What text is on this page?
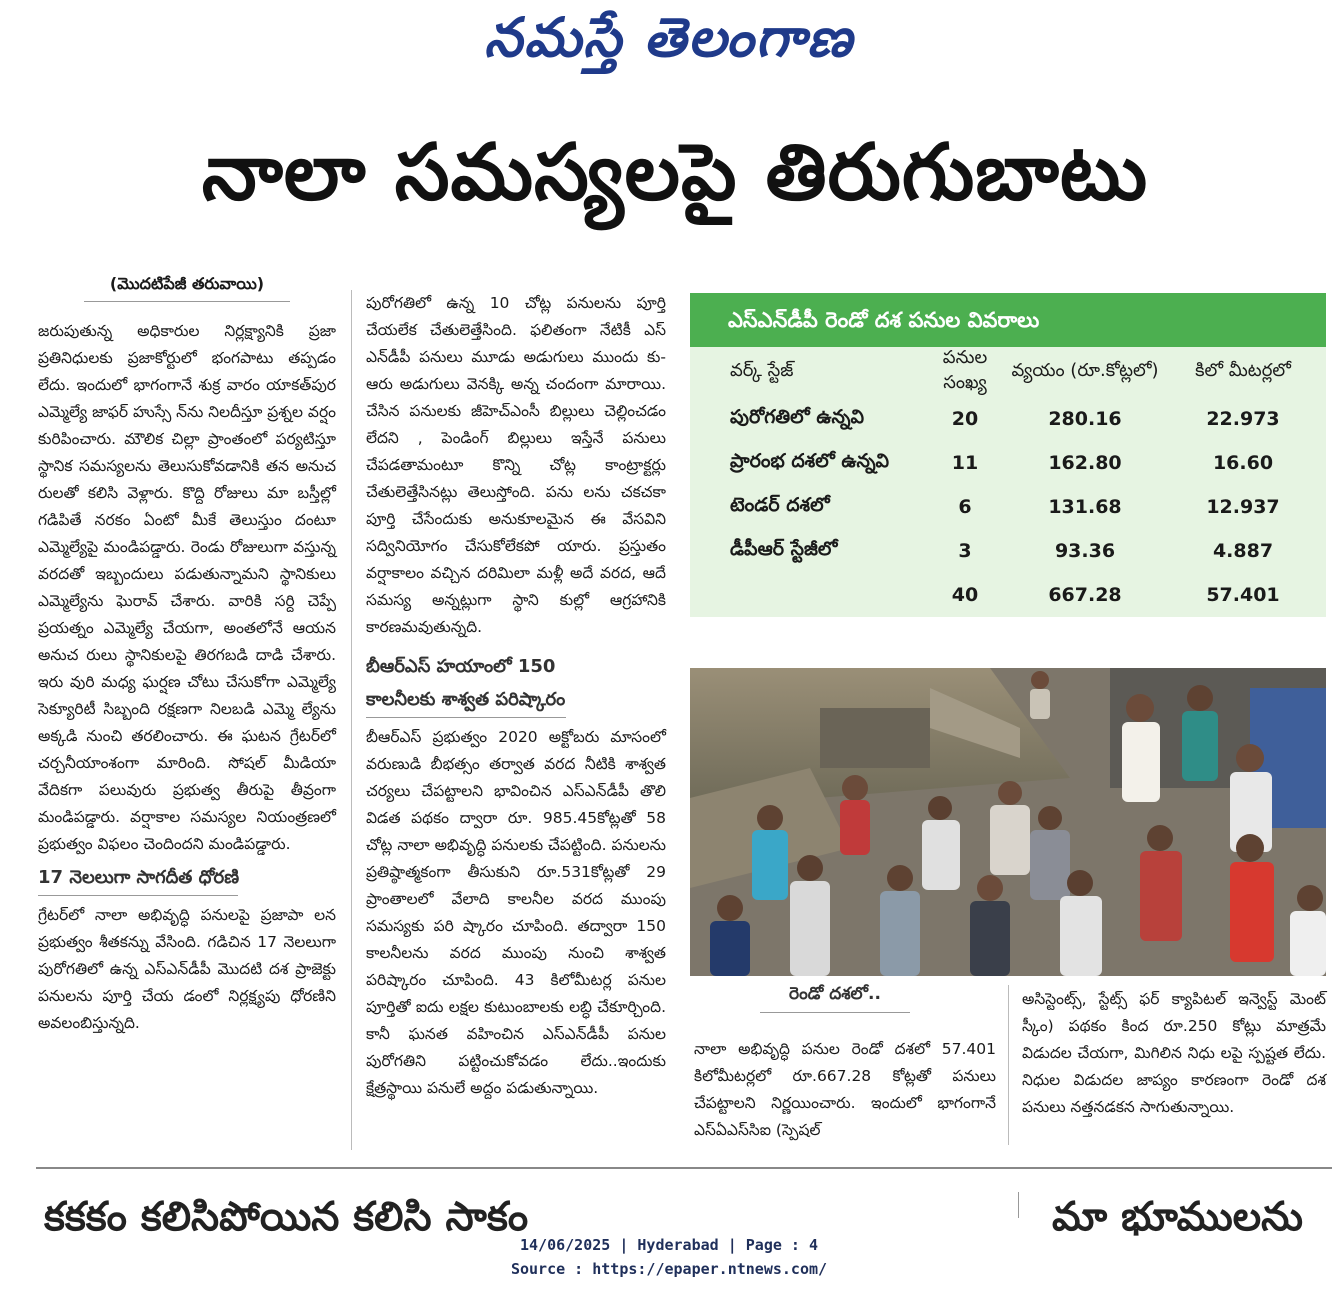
నమస్తే తెలంగాణ
నాలా సమస్యలపై తిరుగుబాటు
(మొదటిపేజీ తరువాయి)

జరుపుతున్న అధికారుల నిర్లక్ష్యానికి ప్రజా ప్రతినిధులకు ప్రజాకోర్టులో భంగపాటు తప్పడం లేదు. ఇందులో భాగంగానే శుక్ర వారం యాకత్‌పుర ఎమ్మెల్యే జాఫర్ హుస్సే న్‌ను నిలదీస్తూ ప్రశ్నల వర్షం కురిపించారు. మౌలిక చిల్లా ప్రాంతంలో పర్యటిస్తూ స్థానిక సమస్యలను తెలుసుకోవడానికి తన అనుచ రులతో కలిసి వెళ్లారు. కొద్ది రోజులు మా బస్తీల్లో గడిపితే నరకం ఏంటో మీకే తెలుస్తుం దంటూ ఎమ్మెల్యేపై మండిపడ్డారు. రెండు రోజులుగా వస్తున్న వరదతో ఇబ్బందులు పడుతున్నామని స్థానికులు ఎమ్మెల్యేను ఘెరావ్ చేశారు. వారికి సర్ది చెప్పే ప్రయత్నం ఎమ్మెల్యే చేయగా, అంతలోనే ఆయన అనుచ రులు స్థానికులపై తిరగబడి దాడి చేశారు. ఇరు వురి మధ్య ఘర్షణ చోటు చేసుకోగా ఎమ్మెల్యే సెక్యూరిటీ సిబ్బంది రక్షణగా నిలబడి ఎమ్మె ల్యేను అక్కడి నుంచి తరలించారు. ఈ ఘటన గ్రేటర్‌లో చర్చనీయాంశంగా మారింది. సోషల్ మీడియా వేదికగా పలువురు ప్రభుత్వ తీరుపై తీవ్రంగా మండిపడ్డారు. వర్షాకాల సమస్యల నియంత్రణలో ప్రభుత్వం విఫలం చెందిందని మండిపడ్డారు.

17 నెలలుగా సాగదీత ధోరణి

గ్రేటర్‌లో నాలా అభివృద్ధి పనులపై ప్రజాపా లన ప్రభుత్వం శీతకన్ను వేసింది. గడిచిన 17 నెలలుగా పురోగతిలో ఉన్న ఎస్‌ఎన్‌డీపీ మొదటి దశ ప్రాజెక్టు పనులను పూర్తి చేయ డంలో నిర్లక్ష్యపు ధోరణిని అవలంబిస్తున్నది.

పురోగతిలో ఉన్న 10 చోట్ల పనులను పూర్తి చేయలేక చేతులెత్తేసింది. ఫలితంగా నేటికీ ఎస్ ఎన్‌డీపీ పనులు మూడు అడుగులు ముందు కు-ఆరు అడుగులు వెనక్కి అన్న చందంగా మారాయి. చేసిన పనులకు జీహెచ్‌ఎంసీ బిల్లులు చెల్లించడం లేదని , పెండింగ్ బిల్లులు ఇస్తేనే పనులు చేపడతామంటూ కొన్ని చోట్ల కాంట్రాక్టర్లు చేతులెత్తేసినట్లు తెలుస్తోంది. పను లను చకచకా పూర్తి చేసేందుకు అనుకూలమైన ఈ వేసవిని సద్వినియోగం చేసుకోలేకపో యారు. ప్రస్తుతం వర్షాకాలం వచ్చిన దరిమిలా మళ్లీ అదే వరద, ఆదే సమస్య అన్నట్లుగా స్థాని కుల్లో ఆగ్రహానికి కారణమవుతున్నది.

బీఆర్‌ఎస్ హయాంలో 150
కాలనీలకు శాశ్వత పరిష్కారం

బీఆర్‌ఎస్ ప్రభుత్వం 2020 అక్టోబరు మాసంలో వరుణుడి బీభత్సం తర్వాత వరద నీటికి శాశ్వత చర్యలు చేపట్టాలని భావించిన ఎస్‌ఎన్‌డీపీ తొలి విడత పథకం ద్వారా రూ. 985.45కోట్లతో 58 చోట్ల నాలా అభివృద్ధి పనులకు చేపట్టింది. పనులను ప్రతిష్ఠాత్మకంగా తీసుకుని రూ.531కోట్లతో 29 ప్రాంతాలలో వేలాది కాలనీల వరద ముంపు సమస్యకు పరి ష్కారం చూపింది. తద్వారా 150 కాలనీలను వరద ముంపు నుంచి శాశ్వత పరిష్కారం చూపింది. 43 కిలోమీటర్ల పనుల పూర్తితో ఐదు లక్షల కుటుంబాలకు లబ్ధి చేకూర్చింది. కానీ ఘనత వహించిన ఎస్‌ఎన్‌డీపీ పనుల పురోగతిని పట్టించుకోవడం లేదు..ఇందుకు క్షేత్రస్థాయి పనులే అద్దం పడుతున్నాయి.

ఎస్‌ఎన్‌డీపీ రెండో దశ పనుల వివరాలు
వర్క్ స్టేజ్	పనుల సంఖ్య	వ్యయం (రూ.కోట్లలో)	కిలో మీటర్లలో
పురోగతిలో ఉన్నవి	20	280.16	22.973
ప్రారంభ దశలో ఉన్నవి	11	162.80	16.60
టెండర్ దశలో	6	131.68	12.937
డీపీఆర్ స్టేజీలో	3	93.36	4.887
	40	667.28	57.401
రెండో దశలో..

నాలా అభివృద్ధి పనుల రెండో దశలో 57.401 కిలోమీటర్లలో రూ.667.28 కోట్లతో పనులు చేపట్టాలని నిర్ణయించారు. ఇందులో భాగంగానే ఎస్‌ఏఎస్‌సిఐ (స్పెషల్

అసిస్టెంట్స్, స్టేట్స్ ఫర్ క్యాపిటల్ ఇన్వెస్ట్ మెంట్ స్కీం) పథకం కింద రూ.250 కోట్లు మాత్రమే విడుదల చేయగా, మిగిలిన నిధు లపై స్పష్టత లేదు. నిధుల విడుదల జాప్యం కారణంగా రెండో దశ పనులు నత్తనడకన సాగుతున్నాయి.

కకకం కలిసిపోయిన కలిసి సాకం	మా భూములను
14/06/2025 | Hyderabad | Page : 4
Source : https://epaper.ntnews.com/
